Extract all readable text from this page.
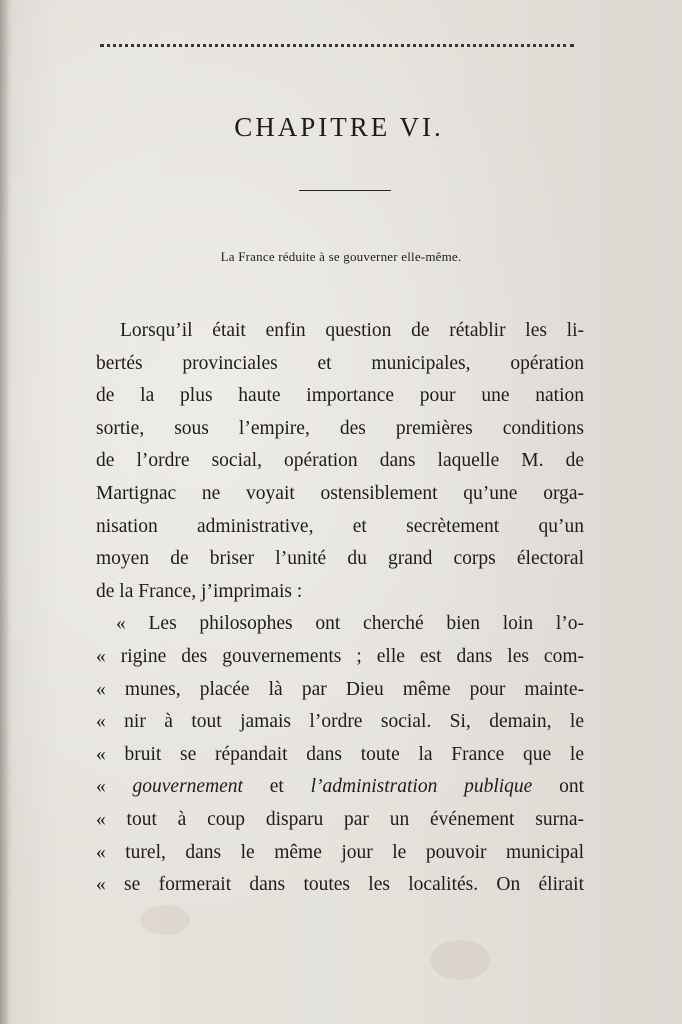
CHAPITRE VI.
La France réduite à se gouverner elle-même.
Lorsqu’il était enfin question de rétablir les li-
bertés provinciales et municipales, opération
de la plus haute importance pour une nation
sortie, sous l’empire, des premières conditions
de l’ordre social, opération dans laquelle M. de
Martignac ne voyait ostensiblement qu’une orga-
nisation administrative, et secrètement qu’un
moyen de briser l’unité du grand corps électoral
de la France, j’imprimais :
« Les philosophes ont cherché bien loin l’o-
« rigine des gouvernements ; elle est dans les com-
« munes, placée là par Dieu même pour mainte-
« nir à tout jamais l’ordre social. Si, demain, le
« bruit se répandait dans toute la France que le
« gouvernement et l’administration publique ont
« tout à coup disparu par un événement surna-
« turel, dans le même jour le pouvoir municipal
« se formerait dans toutes les localités. On élirait
